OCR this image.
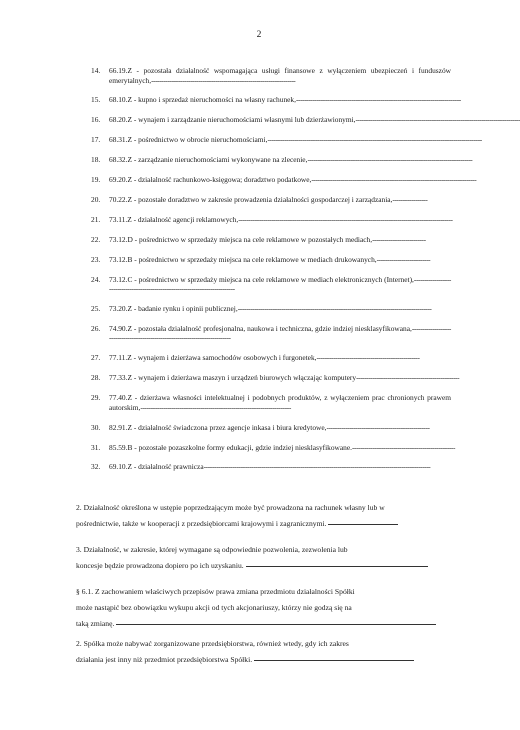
2
14.	66.19.Z - pozostała działalność wspomagająca usługi finansowe z wyłączeniem ubezpieczeń i funduszów emerytalnych,----------------------------------------------------------------------
15.	68.10.Z - kupno i sprzedaż nieruchomości na własny rachunek,--------------------------------------------------------------------------------
16.	68.20.Z - wynajem i zarządzanie nieruchomościami własnymi lub dzierżawionymi,--------------------------------------------------------------------------------
17.	68.31.Z - pośrednictwo w obrocie nieruchomościami,--------------------------------------------------------------------------------------------------------
18.	68.32.Z - zarządzanie nieruchomościami wykonywane na zlecenie,--------------------------------------------------------------------------------
19.	69.20.Z - działalność rachunkowo-księgowa; doradztwo podatkowe,--------------------------------------------------------------------------------
20.	70.22.Z - pozostałe doradztwo w zakresie prowadzenia działalności gospodarczej i zarządzania,-----------------
21.	73.11.Z - działalność agencji reklamowych,--------------------------------------------------------------------------------------------------------
22.	73.12.D - pośrednictwo w sprzedaży miejsca na cele reklamowe w pozostałych mediach,--------------------------
23.	73.12.B - pośrednictwo w sprzedaży miejsca na cele reklamowe w mediach drukowanych,--------------------------
24.	73.12.C - pośrednictwo w sprzedaży miejsca na cele reklamowe w mediach elektronicznych (Internet),-------------------------------------------------------------------------------
25.	73.20.Z - badanie rynku i opinii publicznej,----------------------------------------------------------------------------------------------
26.	74.90.Z - pozostała działalność profesjonalna, naukowa i techniczna, gdzie indziej niesklasyfikowana,------------------------------------------------------------------------------
27.	77.11.Z - wynajem i dzierżawa samochodów osobowych i furgonetek,--------------------------------------------------
28.	77.33.Z - wynajem i dzierżawa maszyn i urządzeń biurowych włączając komputery--------------------------------------------------
29.	77.40.Z - dzierżawa własności intelektualnej i podobnych produktów, z wyłączeniem prac chronionych prawem autorskim,-------------------------------------------------------------------------
30.	82.91.Z - działalność świadczona przez agencje inkasa i biura kredytowe,--------------------------------------------------
31.	85.59.B - pozostałe pozaszkolne formy edukacji, gdzie indziej niesklasyfikowane.--------------------------------------------------
32.	69.10.Z - działalność prawnicza--------------------------------------------------------------------------------------------------------------

2. Działalność określona w ustępie poprzedzającym może być prowadzona na rachunek własny lub w

pośrednictwie, także w kooperacji z przedsiębiorcami krajowymi i zagranicznymi.

3. Działalność, w zakresie, której wymagane są odpowiednie pozwolenia, zezwolenia lub

koncesje będzie prowadzona dopiero po ich uzyskaniu.

§ 6.1. Z zachowaniem właściwych przepisów prawa zmiana przedmiotu działalności Spółki

może nastąpić bez obowiązku wykupu akcji od tych akcjonariuszy, którzy nie godzą się na

taką zmianę.

2. Spółka może nabywać zorganizowane przedsiębiorstwa, również wtedy, gdy ich zakres

działania jest inny niż przedmiot przedsiębiorstwa Spółki.
